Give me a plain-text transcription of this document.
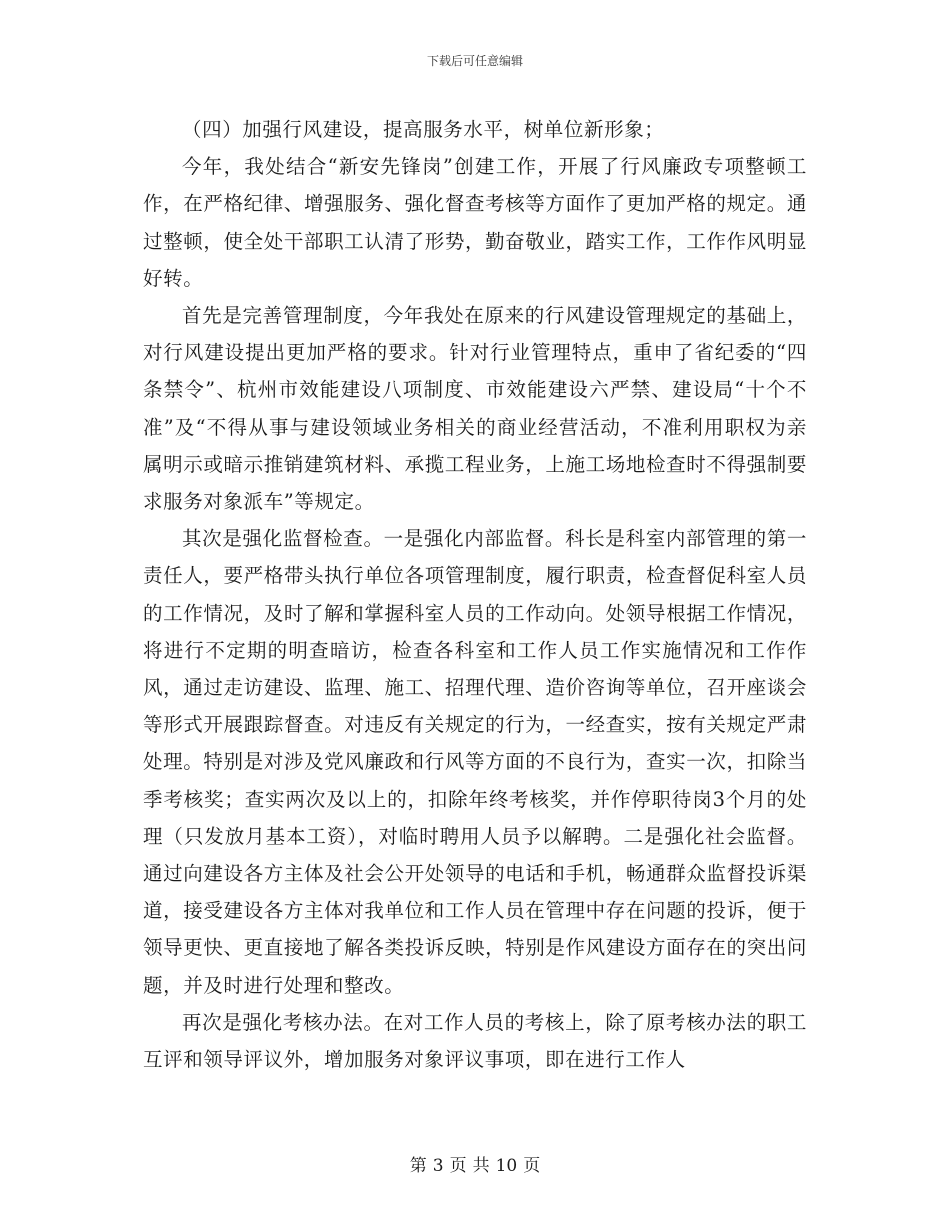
下载后可任意编辑

（四）加强行风建设，提高服务水平，树单位新形象；

今年，我处结合“新安先锋岗”创建工作，开展了行风廉政专项整顿工作，在严格纪律、增强服务、强化督查考核等方面作了更加严格的规定。通过整顿，使全处干部职工认清了形势，勤奋敬业，踏实工作，工作作风明显好转。

首先是完善管理制度，今年我处在原来的行风建设管理规定的基础上，对行风建设提出更加严格的要求。针对行业管理特点，重申了省纪委的“四条禁令”、杭州市效能建设八项制度、市效能建设六严禁、建设局“十个不准”及“不得从事与建设领域业务相关的商业经营活动，不准利用职权为亲属明示或暗示推销建筑材料、承揽工程业务，上施工场地检查时不得强制要求服务对象派车”等规定。

其次是强化监督检查。一是强化内部监督。科长是科室内部管理的第一责任人，要严格带头执行单位各项管理制度，履行职责，检查督促科室人员的工作情况，及时了解和掌握科室人员的工作动向。处领导根据工作情况，将进行不定期的明查暗访，检查各科室和工作人员工作实施情况和工作作风，通过走访建设、监理、施工、招理代理、造价咨询等单位，召开座谈会等形式开展跟踪督查。对违反有关规定的行为，一经查实，按有关规定严肃处理。特别是对涉及党风廉政和行风等方面的不良行为，查实一次，扣除当季考核奖；查实两次及以上的，扣除年终考核奖，并作停职待岗3个月的处理（只发放月基本工资），对临时聘用人员予以解聘。二是强化社会监督。通过向建设各方主体及社会公开处领导的电话和手机，畅通群众监督投诉渠道，接受建设各方主体对我单位和工作人员在管理中存在问题的投诉，便于领导更快、更直接地了解各类投诉反映，特别是作风建设方面存在的突出问题，并及时进行处理和整改。

再次是强化考核办法。在对工作人员的考核上，除了原考核办法的职工互评和领导评议外，增加服务对象评议事项，即在进行工作人

第 3 页 共 10 页
